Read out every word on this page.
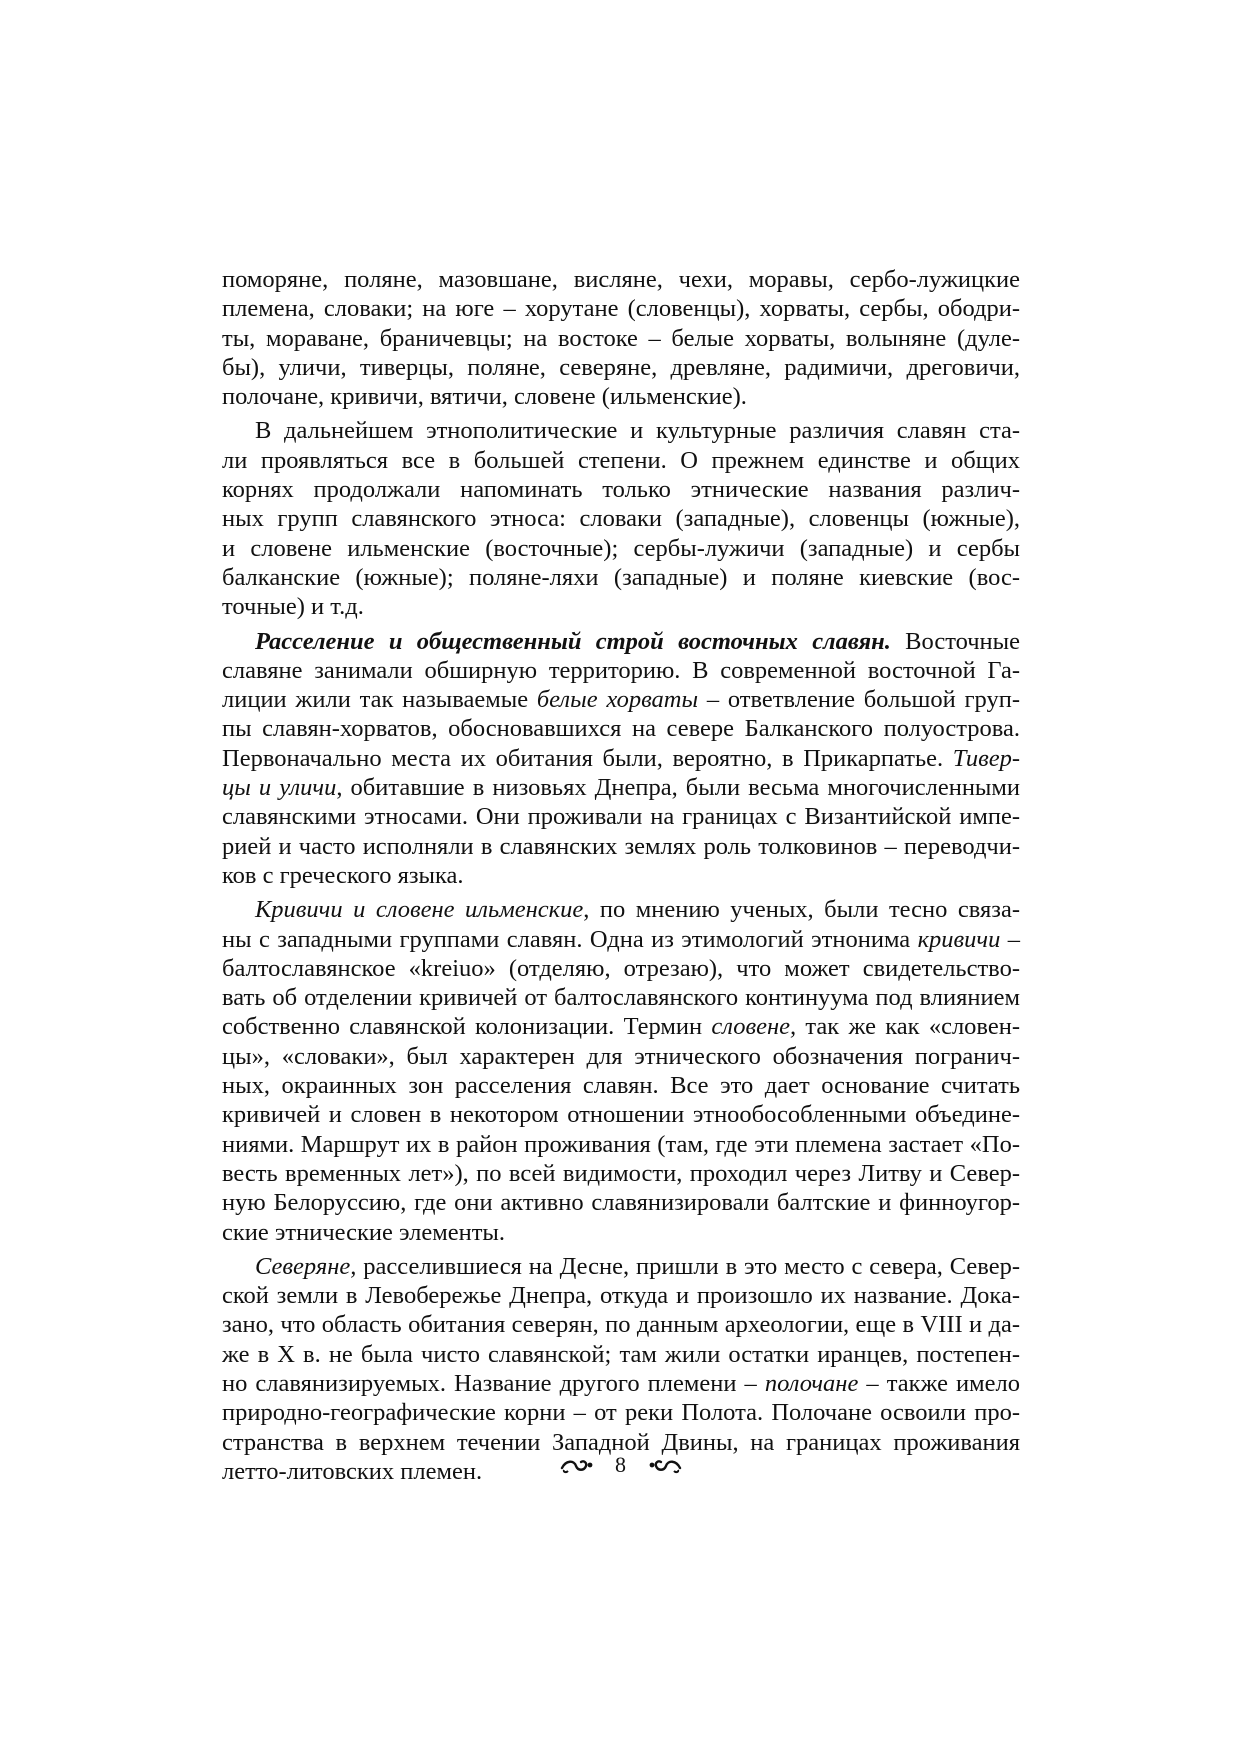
поморяне, поляне, мазовшане, висляне, чехи, моравы, сербо-лужицкие
племена, словаки; на юге – хорутане (словенцы), хорваты, сербы, ободри-
ты, мораване, браничевцы; на востоке – белые хорваты, волыняне (дуле-
бы), уличи, тиверцы, поляне, северяне, древляне, радимичи, дреговичи,
полочане, кривичи, вятичи, словене (ильменские).
В дальнейшем этнополитические и культурные различия славян ста-
ли проявляться все в большей степени. О прежнем единстве и общих
корнях продолжали напоминать только этнические названия различ-
ных групп славянского этноса: словаки (западные), словенцы (южные),
и словене ильменские (восточные); сербы-лужичи (западные) и сербы
балканские (южные); поляне-ляхи (западные) и поляне киевские (вос-
точные) и т.д.
Расселение и общественный строй восточных славян. Восточные
славяне занимали обширную территорию. В современной восточной Га-
лиции жили так называемые белые хорваты – ответвление большой груп-
пы славян-хорватов, обосновавшихся на севере Балканского полуострова.
Первоначально места их обитания были, вероятно, в Прикарпатье. Тивер-
цы и уличи, обитавшие в низовьях Днепра, были весьма многочисленными
славянскими этносами. Они проживали на границах с Византийской импе-
рией и часто исполняли в славянских землях роль толковинов – переводчи-
ков с греческого языка.
Кривичи и словене ильменские, по мнению ученых, были тесно связа-
ны с западными группами славян. Одна из этимологий этнонима кривичи –
балтославянское «kreiuo» (отделяю, отрезаю), что может свидетельство-
вать об отделении кривичей от балтославянского континуума под влиянием
собственно славянской колонизации. Термин словене, так же как «словен-
цы», «словаки», был характерен для этнического обозначения погранич-
ных, окраинных зон расселения славян. Все это дает основание считать
кривичей и словен в некотором отношении этнообособленными объедине-
ниями. Маршрут их в район проживания (там, где эти племена застает «По-
весть временных лет»), по всей видимости, проходил через Литву и Север-
ную Белоруссию, где они активно славянизировали балтские и финноугор-
ские этнические элементы.
Северяне, расселившиеся на Десне, пришли в это место с севера, Север-
ской земли в Левобережье Днепра, откуда и произошло их название. Дока-
зано, что область обитания северян, по данным археологии, еще в VIII и да-
же в X в. не была чисто славянской; там жили остатки иранцев, постепен-
но славянизируемых. Название другого племени – полочане – также имело
природно-географические корни – от реки Полота. Полочане освоили про-
странства в верхнем течении Западной Двины, на границах проживания
летто-литовских племен.	8
